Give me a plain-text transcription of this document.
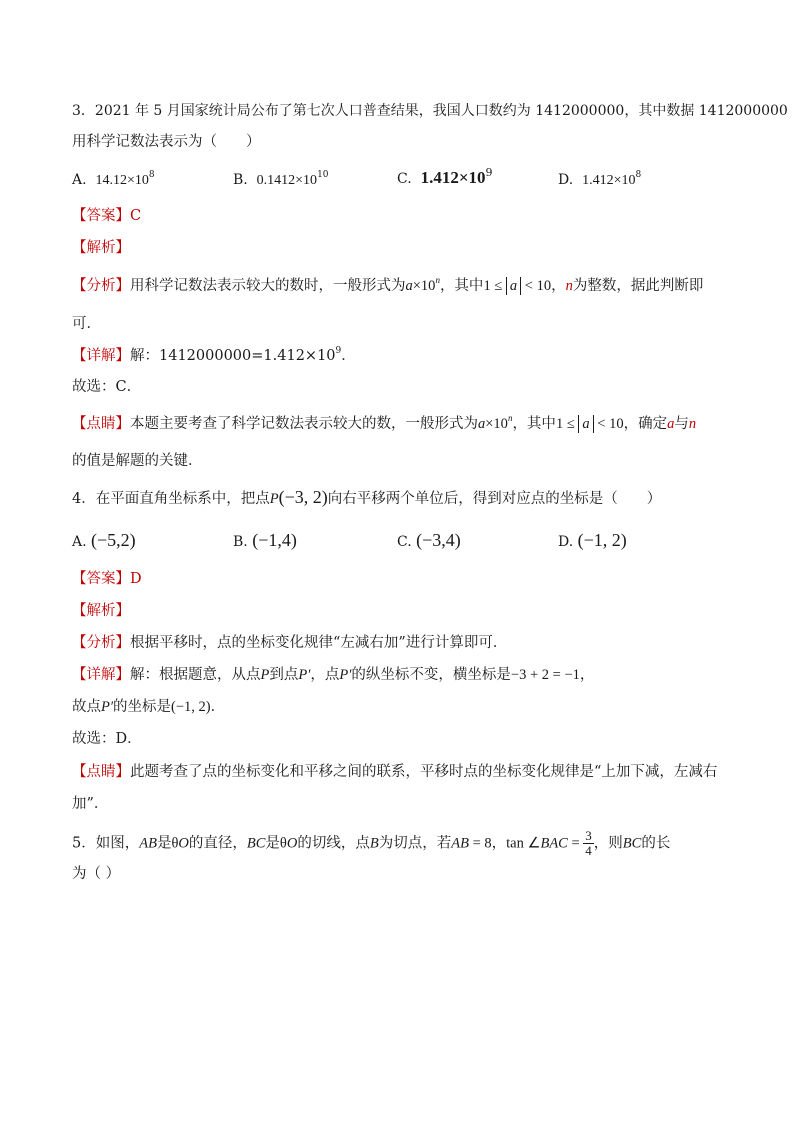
3．2021 年 5 月国家统计局公布了第七次人口普查结果，我国人口数约为 1412000000，其中数据 1412000000
用科学记数法表示为（　　）
A. $14.12\times 10^8$	B. $0.1412\times 10^{10}$	C. $1.412\times 10^9$	D. $1.412\times 10^8$
【答案】C
【解析】
【分析】用科学记数法表示较大的数时，一般形式为$a\times 10^n$，其中1 ≤ a < 10，n为整数，据此判断即
可．
【详解】解：$1412000000=1.412\times 10^9$．
故选：C．
【点睛】本题主要考查了科学记数法表示较大的数，一般形式为$a\times 10^n$，其中1 ≤ a < 10，确定a与n
的值是解题的关键．
4．在平面直角坐标系中，把点P(−3, 2)向右平移两个单位后，得到对应点的坐标是（　　）
A. (−5,2)	B. (−1,4)	C. (−3,4)	D. (−1, 2)
【答案】D
【解析】
【分析】根据平移时，点的坐标变化规律“左减右加”进行计算即可．
【详解】解：根据题意，从点P到点P′，点P′的纵坐标不变，横坐标是−3 + 2 = −1，
故点P′的坐标是(−1, 2)．
故选：D．
【点睛】此题考查了点的坐标变化和平移之间的联系，平移时点的坐标变化规律是“上加下减，左减右
加”．
5．如图，AB是θO的直径，BC是θO的切线，点B为切点，若AB = 8，tan ∠BAC = $\frac{3}{4}$ ，则BC的长
为（ ）
